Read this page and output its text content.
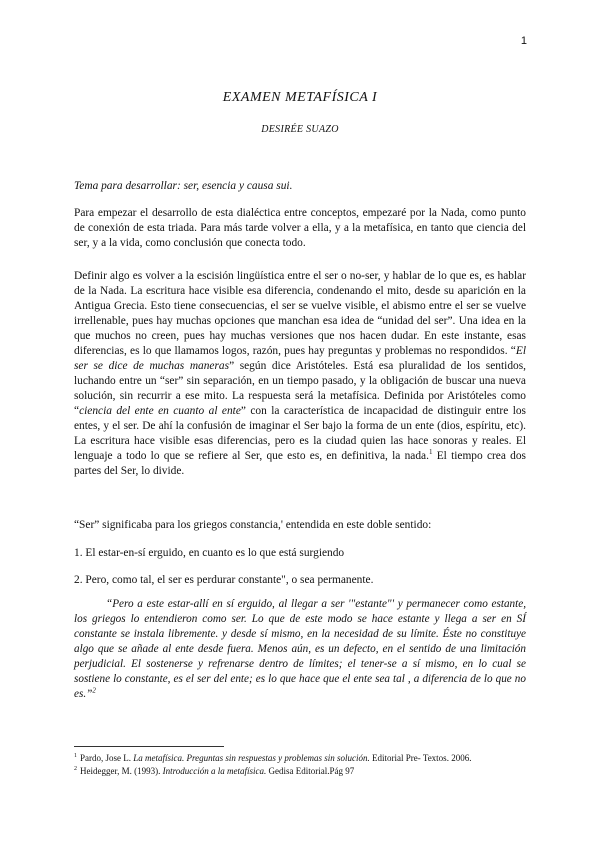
1
EXAMEN METAFÍSICA I
DESIRÉE SUAZO

Tema para desarrollar: ser, esencia y causa sui.

Para empezar el desarrollo de esta dialéctica entre conceptos, empezaré por la Nada, como punto de conexión de esta triada. Para más tarde volver a ella, y a la metafísica, en tanto que ciencia del ser, y a la vida, como conclusión que conecta todo.

Definir algo es volver a la escisión lingüística entre el ser o no-ser, y hablar de lo que es, es hablar de la Nada. La escritura hace visible esa diferencia, condenando el mito, desde su aparición en la Antigua Grecia. Esto tiene consecuencias, el ser se vuelve visible, el abismo entre el ser se vuelve irrellenable, pues hay muchas opciones que manchan esa idea de “unidad del ser”. Una idea en la que muchos no creen, pues hay muchas versiones que nos hacen dudar. En este instante, esas diferencias, es lo que llamamos logos, razón, pues hay preguntas y problemas no respondidos. “El ser se dice de muchas maneras” según dice Aristóteles. Está esa pluralidad de los sentidos, luchando entre un “ser” sin separación, en un tiempo pasado, y la obligación de buscar una nueva solución, sin recurrir a ese mito. La respuesta será la metafísica. Definida por Aristóteles como “ciencia del ente en cuanto al ente” con la característica de incapacidad de distinguir entre los entes, y el ser. De ahí la confusión de imaginar el Ser bajo la forma de un ente (dios, espíritu, etc). La escritura hace visible esas diferencias, pero es la ciudad quien las hace sonoras y reales. El lenguaje a todo lo que se refiere al Ser, que esto es, en definitiva, la nada.$^1$ El tiempo crea dos partes del Ser, lo divide.

“Ser” significaba para los griegos constancia,' entendida en este doble sentido:

1. El estar-en-sí erguido, en cuanto es lo que está surgiendo

2. Pero, como tal, el ser es perdurar constante", o sea permanente.

“Pero a este estar-allí en sí erguido, al llegar a ser '"estante"' y permanecer como estante, los griegos lo entendieron como ser. Lo que de este modo se hace estante y llega a ser en SÍ constante se instala libremente. y desde sí mismo, en la necesidad de su límite. Éste no constituye algo que se añade al ente desde fuera. Menos aún, es un defecto, en el sentido de una limitación perjudicial. El sostenerse y refrenarse dentro de límites; el tener-se a sí mismo, en lo cual se sostiene lo constante, es el ser del ente; es lo que hace que el ente sea tal , a diferencia de lo que no es.”$^2$

$^1$ Pardo, Jose L. La metafísica. Preguntas sin respuestas y problemas sin solución. Editorial Pre- Textos. 2006.

$^2$ Heidegger, M. (1993). Introducción a la metafísica. Gedisa Editorial.Pág 97
